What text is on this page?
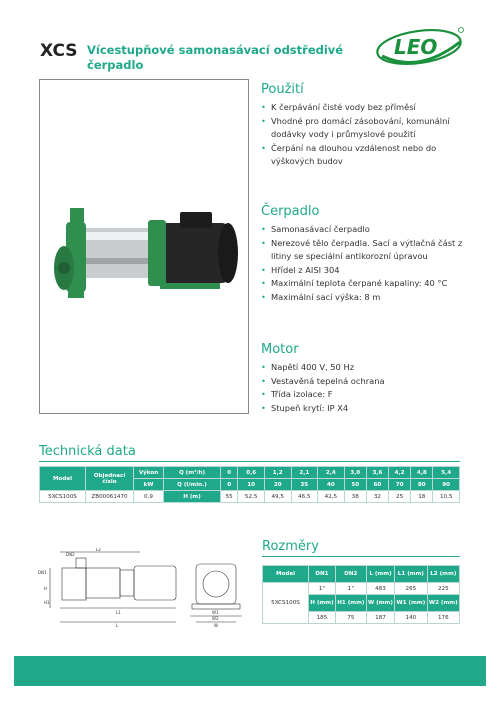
XCS Vícestupňové samonasávací odstředivé čerpadlo
LEO
Použití
• K čerpávání čisté vody bez příměsí
• Vhodné pro domácí zásobování, komunální dodávky vody i průmyslové použití
• Čerpání na dlouhou vzdálenost nebo do výškových budov
Čerpadlo
• Samonasávací čerpadlo
• Nerezové tělo čerpadla. Sací a výtlačná část z litiny se speciální antikorozní úpravou
• Hřídel z AISI 304
• Maximální teplota čerpané kapaliny: 40 °C
• Maximální sací výška: 8 m
Motor
• Napětí 400 V, 50 Hz
• Vestavěná tepelná ochrana
• Třída izolace: F
• Stupeň krytí: IP X4
Technická data
Model	Objednací číslo	Výkon	Q (m³/h)	0	0,6	1,2	2,1	2,4	3,0	3,6	4,2	4,8	5,4
		kW	Q (l/min.)	0	10	20	35	40	50	60	70	80	90
5XCS100S	ZB00061470	0,9	H (m)	55	52,5	49,5	46,5	42,5	38	32	25	18	10,5
L2
DN1
DN2
H
H1
L1
L
W1
W2
W
Rozměry
Model	DN1	DN2	L (mm)	L1 (mm)	L2 (mm)
5XCS100S	1"	1"	483	265	225
	H (mm)	H1 (mm)	W (mm)	W1 (mm)	W2 (mm)
	185	75	187	140	176
